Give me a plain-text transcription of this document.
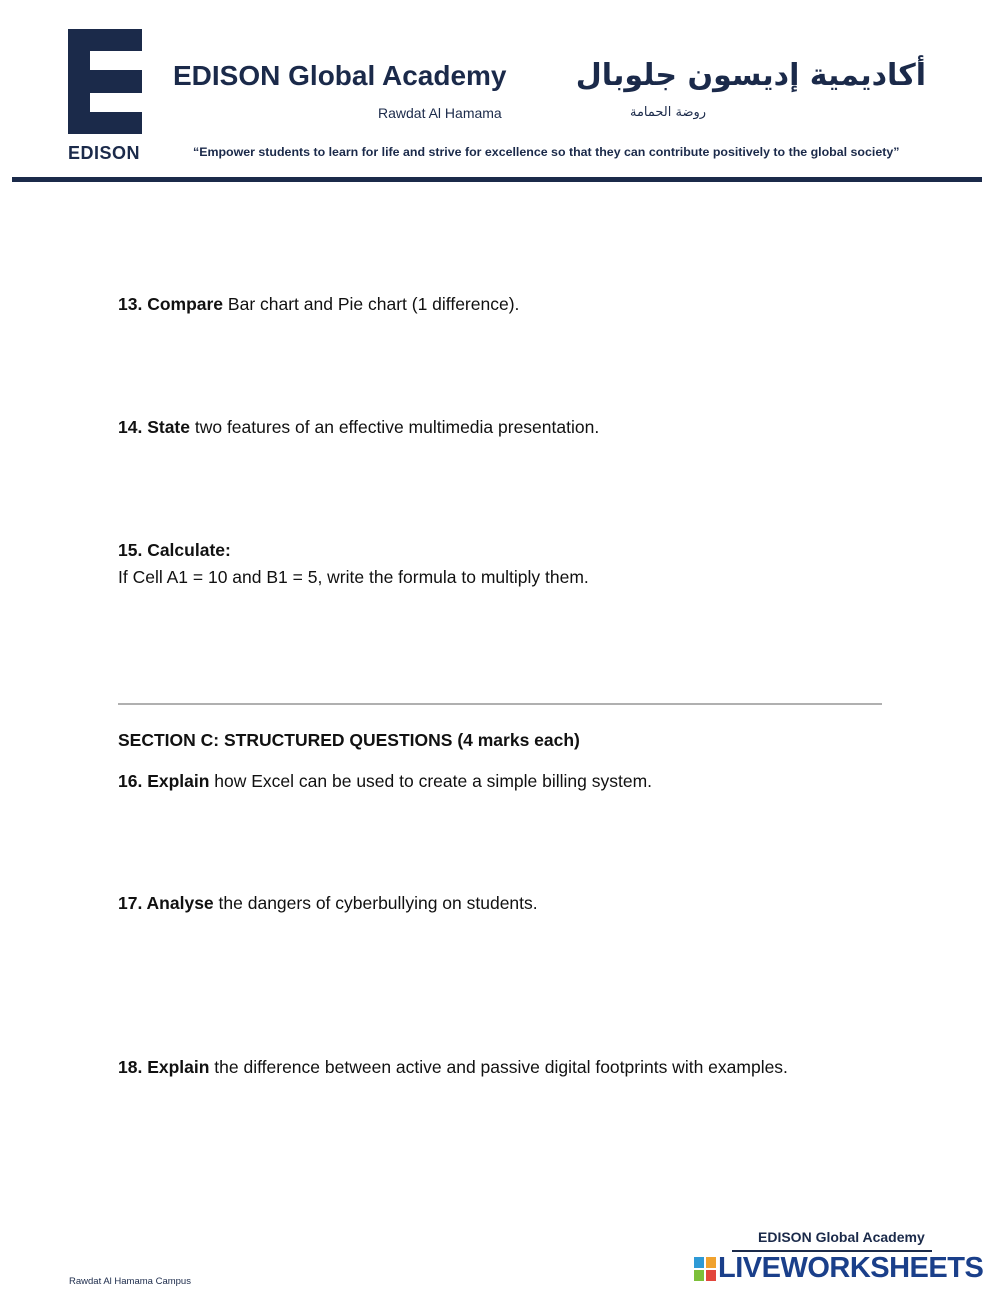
EDISON
EDISON Global Academy
Rawdat Al Hamama
أكاديمية إديسون جلوبال
روضة الحمامة
“Empower students to learn for life and strive for excellence so that they can contribute positively to the global society”
13. Compare Bar chart and Pie chart (1 difference).
14. State two features of an effective multimedia presentation.
15. Calculate:
If Cell A1 = 10 and B1 = 5, write the formula to multiply them.
SECTION C: STRUCTURED QUESTIONS (4 marks each)
16. Explain how Excel can be used to create a simple billing system.
17. Analyse the dangers of cyberbullying on students.
18. Explain the difference between active and passive digital footprints with examples.
Rawdat Al Hamama Campus
EDISON Global Academy
LIVEWORKSHEETS
